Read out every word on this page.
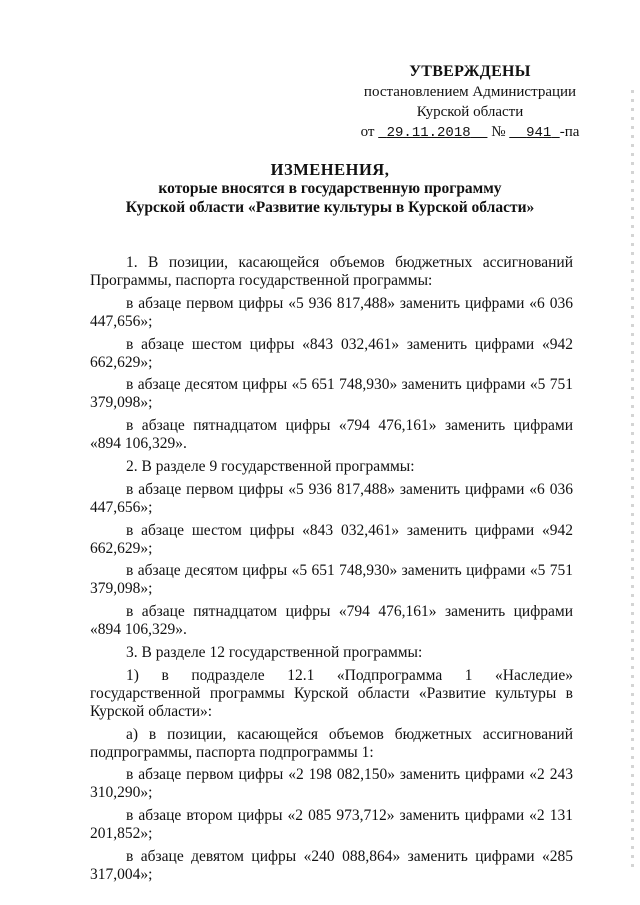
УТВЕРЖДЕНЫ
постановлением Администрации
Курской области
от
29.11.2018
	№
	941 -па
ИЗМЕНЕНИЯ,
которые вносятся в государственную программу
Курской области «Развитие культуры в Курской области»

1. В позиции, касающейся объемов бюджетных ассигнований Программы, паспорта государственной программы:

в абзаце первом цифры «5 936 817,488» заменить цифрами «6 036 447,656»;

в абзаце шестом цифры «843 032,461» заменить цифрами «942 662,629»;

в абзаце десятом цифры «5 651 748,930» заменить цифрами «5 751 379,098»;

в абзаце пятнадцатом цифры «794 476,161» заменить цифрами «894 106,329».

2. В разделе 9 государственной программы:

в абзаце первом цифры «5 936 817,488» заменить цифрами «6 036 447,656»;

в абзаце шестом цифры «843 032,461» заменить цифрами «942 662,629»;

в абзаце десятом цифры «5 651 748,930» заменить цифрами «5 751 379,098»;

в абзаце пятнадцатом цифры «794 476,161» заменить цифрами «894 106,329».

3. В разделе 12 государственной программы:

1) в подразделе 12.1 «Подпрограмма 1 «Наследие» государственной программы Курской области «Развитие культуры в Курской области»:

а) в позиции, касающейся объемов бюджетных ассигнований подпрограммы, паспорта подпрограммы 1:

в абзаце первом цифры «2 198 082,150» заменить цифрами «2 243 310,290»;

в абзаце втором цифры «2 085 973,712» заменить цифрами «2 131 201,852»;

в абзаце девятом цифры «240 088,864» заменить цифрами «285 317,004»;
